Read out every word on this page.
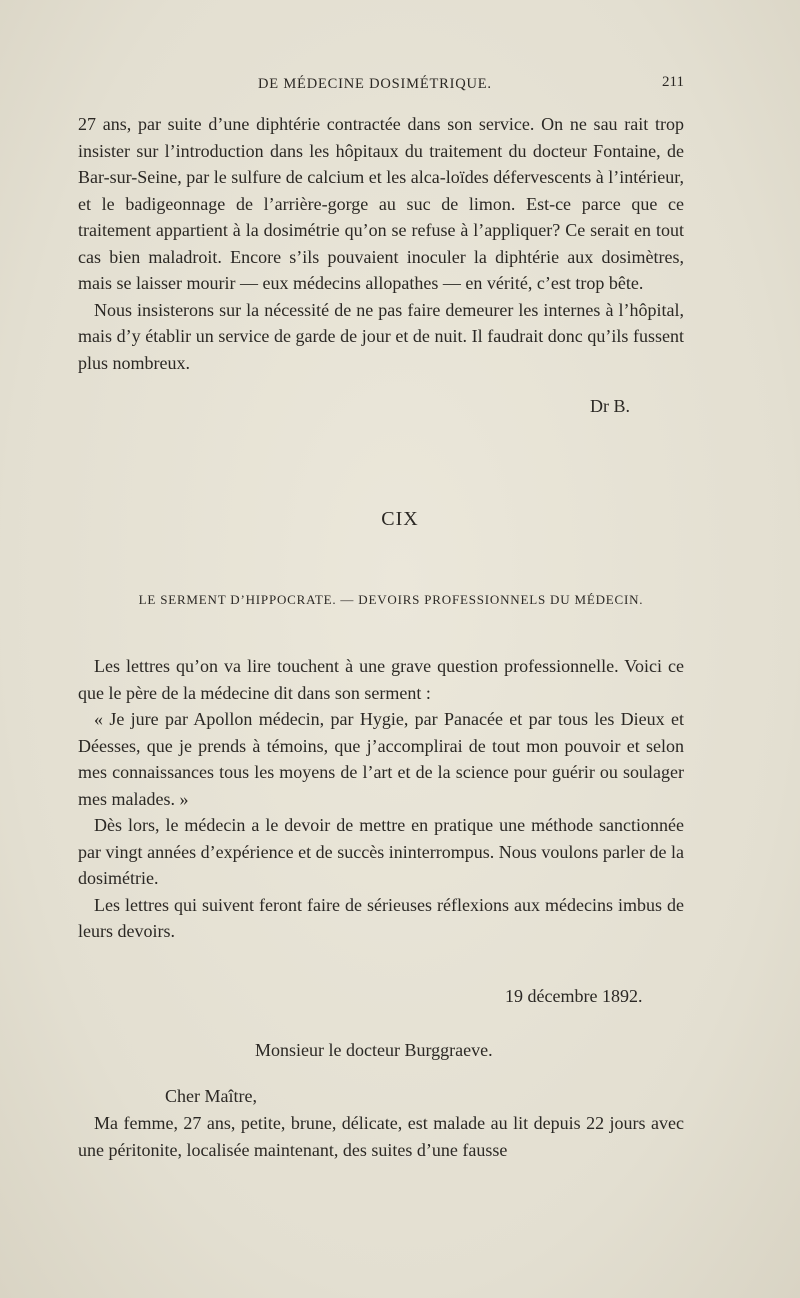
DE MÉDECINE DOSIMÉTRIQUE.	211

27 ans, par suite d’une diphtérie contractée dans son service. On ne sau rait trop insister sur l’introduction dans les hôpitaux du traitement du docteur Fontaine, de Bar-sur-Seine, par le sulfure de calcium et les alca-loïdes défervescents à l’intérieur, et le badigeonnage de l’arrière-gorge au suc de limon. Est-ce parce que ce traitement appartient à la dosimétrie qu’on se refuse à l’appliquer? Ce serait en tout cas bien maladroit. Encore s’ils pouvaient inoculer la diphtérie aux dosimètres, mais se laisser mourir — eux médecins allopathes — en vérité, c’est trop bête.

Nous insisterons sur la nécessité de ne pas faire demeurer les internes à l’hôpital, mais d’y établir un service de garde de jour et de nuit. Il faudrait donc qu’ils fussent plus nombreux.

Dr B.
CIX
LE SERMENT D’HIPPOCRATE. — DEVOIRS PROFESSIONNELS DU MÉDECIN.

Les lettres qu’on va lire touchent à une grave question professionnelle. Voici ce que le père de la médecine dit dans son serment :

« Je jure par Apollon médecin, par Hygie, par Panacée et par tous les Dieux et Déesses, que je prends à témoins, que j’accomplirai de tout mon pouvoir et selon mes connaissances tous les moyens de l’art et de la science pour guérir ou soulager mes malades. »

Dès lors, le médecin a le devoir de mettre en pratique une méthode sanctionnée par vingt années d’expérience et de succès ininterrompus. Nous voulons parler de la dosimétrie.

Les lettres qui suivent feront faire de sérieuses réflexions aux médecins imbus de leurs devoirs.

19 décembre 1892.
Monsieur le docteur Burggraeve.
Cher Maître,

Ma femme, 27 ans, petite, brune, délicate, est malade au lit depuis 22 jours avec une péritonite, localisée maintenant, des suites d’une fausse
